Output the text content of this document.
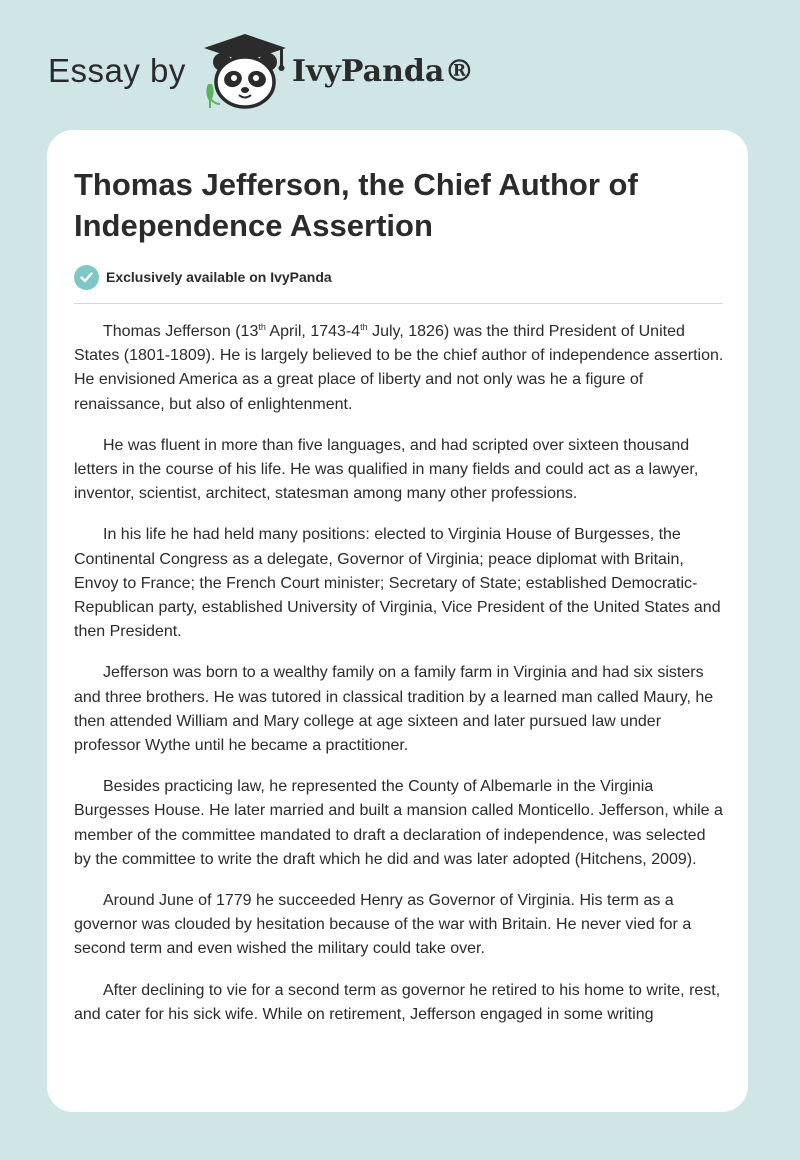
Essay by	IvyPanda®
Thomas Jefferson, the Chief Author of Independence Assertion
Exclusively available on IvyPanda

Thomas Jefferson (13th April, 1743-4th July, 1826) was the third President of United States (1801-1809). He is largely believed to be the chief author of independence assertion. He envisioned America as a great place of liberty and not only was he a figure of renaissance, but also of enlightenment.

He was fluent in more than five languages, and had scripted over sixteen thousand letters in the course of his life. He was qualified in many fields and could act as a lawyer, inventor, scientist, architect, statesman among many other professions.

In his life he had held many positions: elected to Virginia House of Burgesses, the Continental Congress as a delegate, Governor of Virginia; peace diplomat with Britain, Envoy to France; the French Court minister; Secretary of State; established Democratic-Republican party, established University of Virginia, Vice President of the United States and then President.

Jefferson was born to a wealthy family on a family farm in Virginia and had six sisters and three brothers. He was tutored in classical tradition by a learned man called Maury, he then attended William and Mary college at age sixteen and later pursued law under professor Wythe until he became a practitioner.

Besides practicing law, he represented the County of Albemarle in the Virginia Burgesses House. He later married and built a mansion called Monticello. Jefferson, while a member of the committee mandated to draft a declaration of independence, was selected by the committee to write the draft which he did and was later adopted (Hitchens, 2009).

Around June of 1779 he succeeded Henry as Governor of Virginia. His term as a governor was clouded by hesitation because of the war with Britain. He never vied for a second term and even wished the military could take over.

After declining to vie for a second term as governor he retired to his home to write, rest, and cater for his sick wife. While on retirement, Jefferson engaged in some writing
